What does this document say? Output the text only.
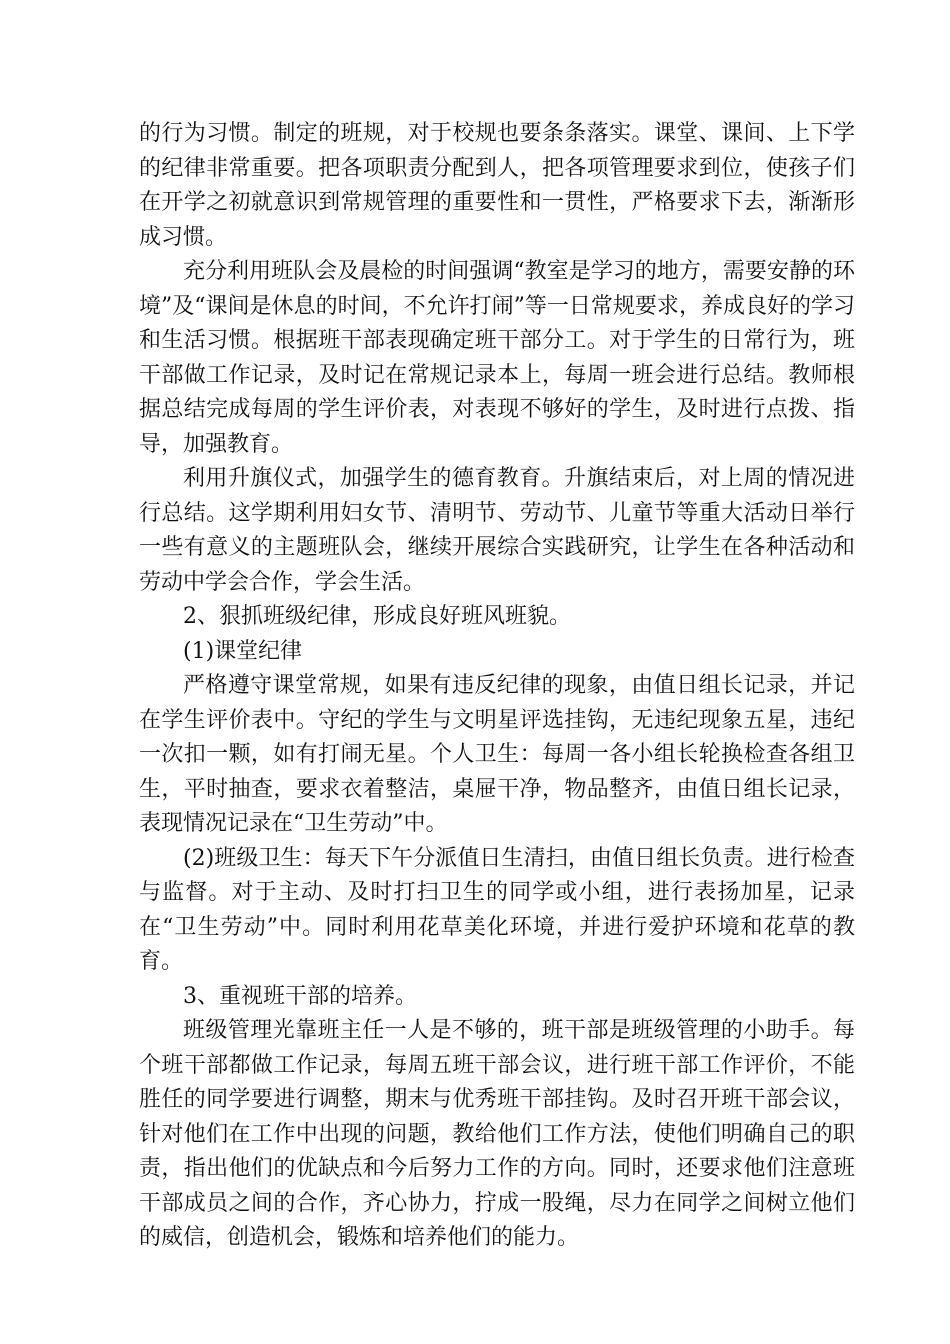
的行为习惯。制定的班规，对于校规也要条条落实。课堂、课间、上下学的纪律非常重要。把各项职责分配到人，把各项管理要求到位，使孩子们在开学之初就意识到常规管理的重要性和一贯性，严格要求下去，渐渐形成习惯。

充分利用班队会及晨检的时间强调“教室是学习的地方，需要安静的环境”及“课间是休息的时间，不允许打闹”等一日常规要求，养成良好的学习和生活习惯。根据班干部表现确定班干部分工。对于学生的日常行为，班干部做工作记录，及时记在常规记录本上，每周一班会进行总结。教师根据总结完成每周的学生评价表，对表现不够好的学生，及时进行点拨、指导，加强教育。

利用升旗仪式，加强学生的德育教育。升旗结束后，对上周的情况进行总结。这学期利用妇女节、清明节、劳动节、儿童节等重大活动日举行一些有意义的主题班队会，继续开展综合实践研究，让学生在各种活动和劳动中学会合作，学会生活。

2、狠抓班级纪律，形成良好班风班貌。

(1)课堂纪律

严格遵守课堂常规，如果有违反纪律的现象，由值日组长记录，并记在学生评价表中。守纪的学生与文明星评选挂钩，无违纪现象五星，违纪一次扣一颗，如有打闹无星。个人卫生：每周一各小组长轮换检查各组卫生，平时抽查，要求衣着整洁，桌屉干净，物品整齐，由值日组长记录，表现情况记录在“卫生劳动”中。

(2)班级卫生：每天下午分派值日生清扫，由值日组长负责。进行检查与监督。对于主动、及时打扫卫生的同学或小组，进行表扬加星，记录在“卫生劳动”中。同时利用花草美化环境，并进行爱护环境和花草的教育。

3、重视班干部的培养。

班级管理光靠班主任一人是不够的，班干部是班级管理的小助手。每个班干部都做工作记录，每周五班干部会议，进行班干部工作评价，不能胜任的同学要进行调整，期末与优秀班干部挂钩。及时召开班干部会议，针对他们在工作中出现的问题，教给他们工作方法，使他们明确自己的职责，指出他们的优缺点和今后努力工作的方向。同时，还要求他们注意班干部成员之间的合作，齐心协力，拧成一股绳，尽力在同学之间树立他们的威信，创造机会，锻炼和培养他们的能力。
